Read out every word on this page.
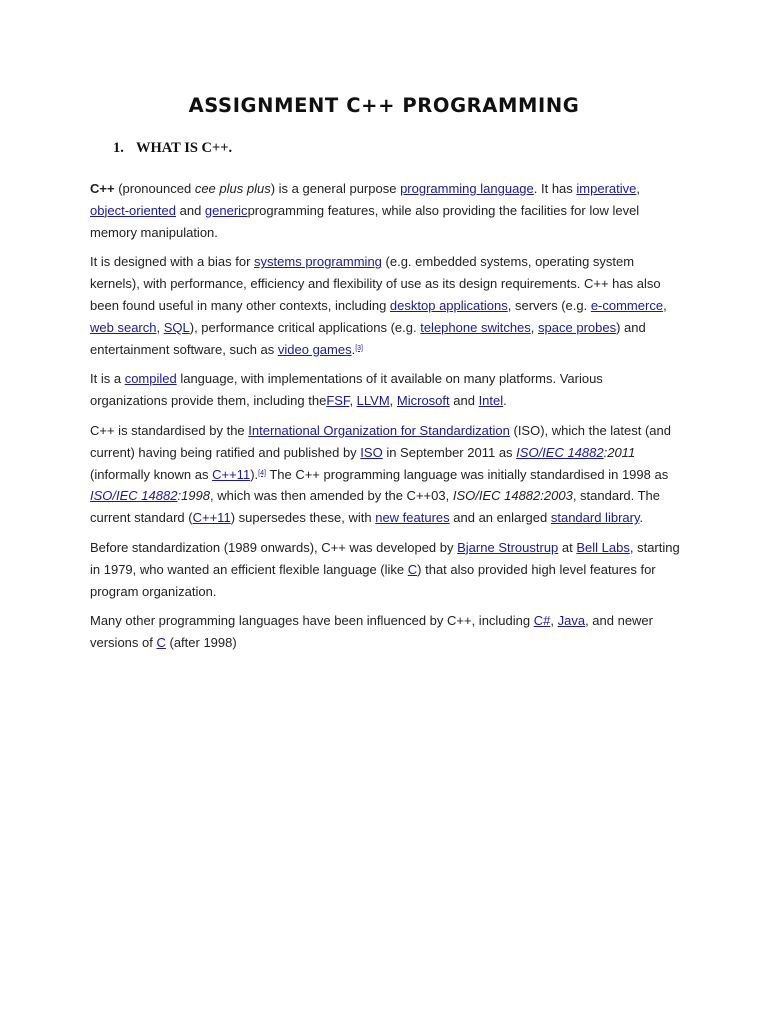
ASSIGNMENT C++ PROGRAMMING
1. WHAT IS C++.

C++ (pronounced cee plus plus) is a general purpose programming language. It has imperative, object-oriented and genericprogramming features, while also providing the facilities for low level memory manipulation.

It is designed with a bias for systems programming (e.g. embedded systems, operating system kernels), with performance, efficiency and flexibility of use as its design requirements. C++ has also been found useful in many other contexts, including desktop applications, servers (e.g. e-commerce, web search, SQL), performance critical applications (e.g. telephone switches, space probes) and entertainment software, such as video games.[3]

It is a compiled language, with implementations of it available on many platforms. Various organizations provide them, including theFSF, LLVM, Microsoft and Intel.

C++ is standardised by the International Organization for Standardization (ISO), which the latest (and current) having being ratified and published by ISO in September 2011 as ISO/IEC 14882:2011 (informally known as C++11).[4] The C++ programming language was initially standardised in 1998 as ISO/IEC 14882:1998, which was then amended by the C++03, ISO/IEC 14882:2003, standard. The current standard (C++11) supersedes these, with new features and an enlarged standard library.

Before standardization (1989 onwards), C++ was developed by Bjarne Stroustrup at Bell Labs, starting in 1979, who wanted an efficient flexible language (like C) that also provided high level features for program organization.

Many other programming languages have been influenced by C++, including C#, Java, and newer versions of C (after 1998)
